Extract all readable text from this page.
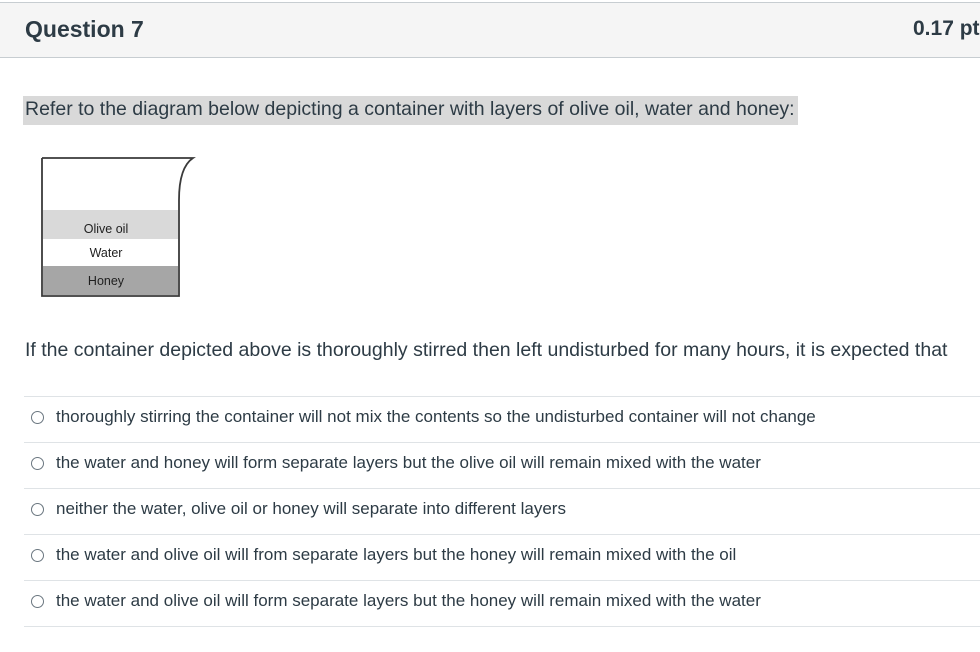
Question 7	0.17 pt
Refer to the diagram below depicting a container with layers of olive oil, water and honey:
Olive oil
Water
Honey
If the container depicted above is thoroughly stirred then left undisturbed for many hours, it is expected that
thoroughly stirring the container will not mix the contents so the undisturbed container will not change
the water and honey will form separate layers but the olive oil will remain mixed with the water
neither the water, olive oil or honey will separate into different layers
the water and olive oil will from separate layers but the honey will remain mixed with the oil
the water and olive oil will form separate layers but the honey will remain mixed with the water
